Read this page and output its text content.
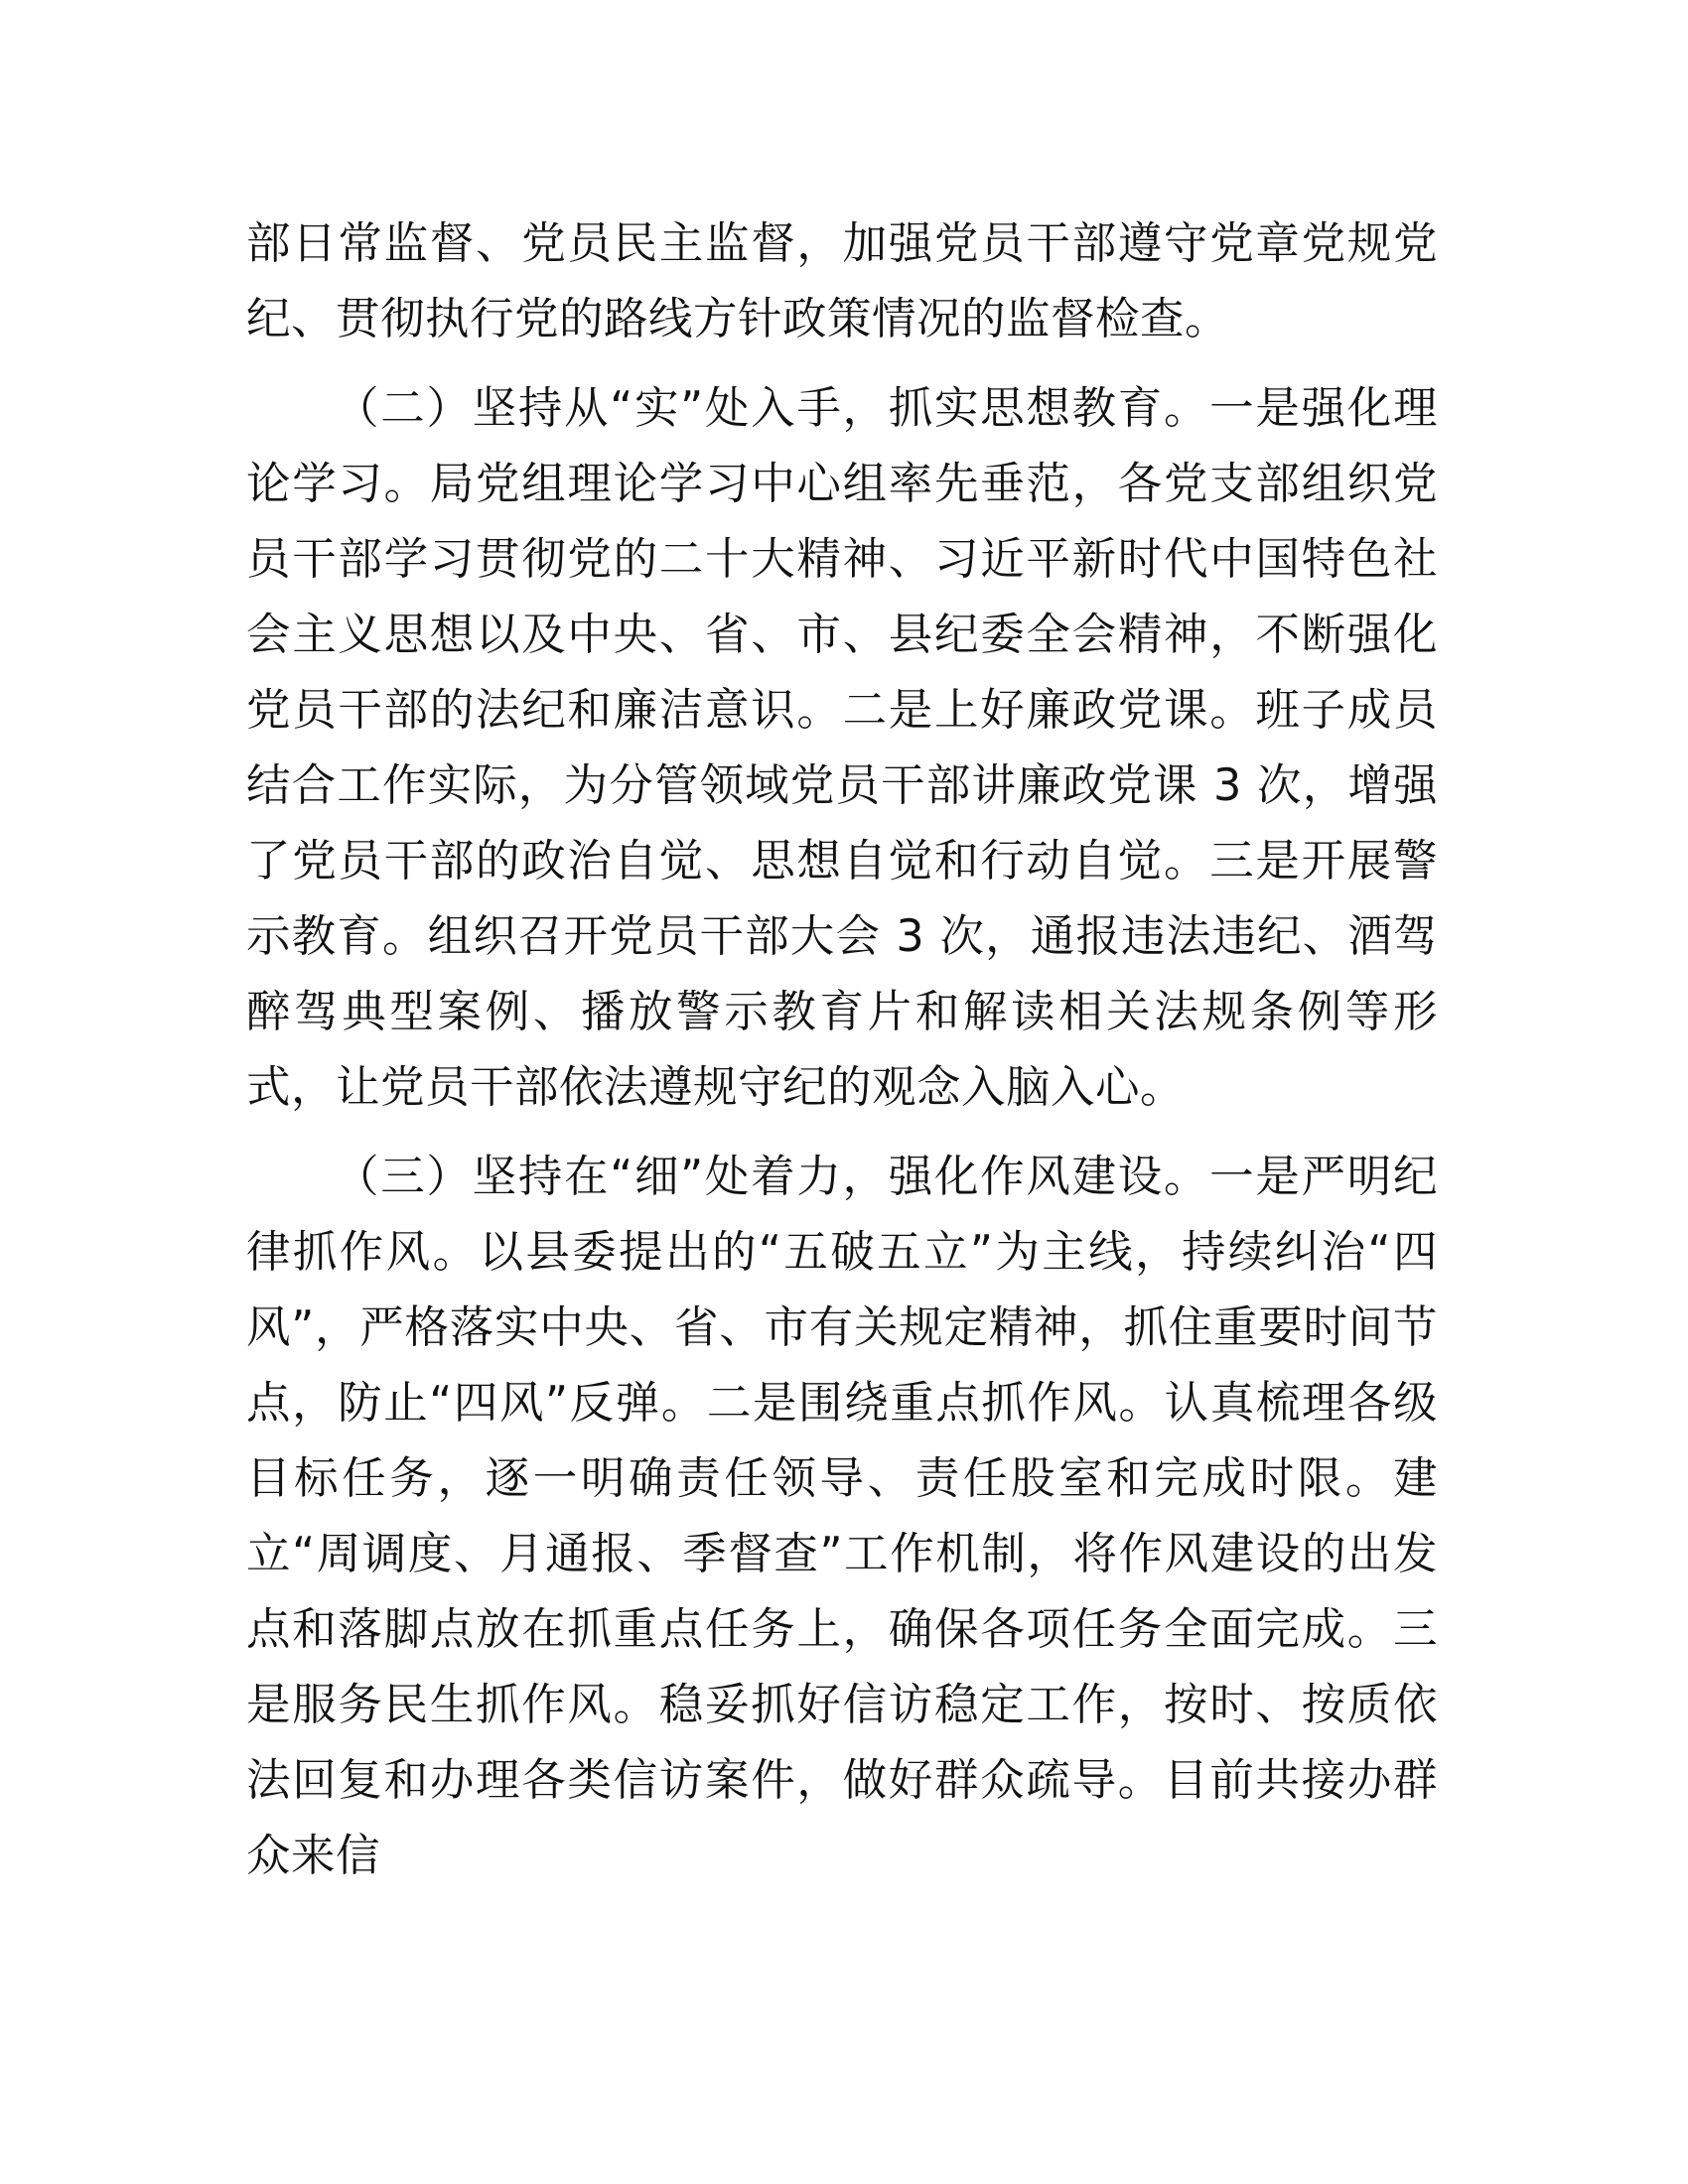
部日常监督、党员民主监督，加强党员干部遵守党章党规党纪、贯彻执行党的路线方针政策情况的监督检查。

（二）坚持从“实”处入手，抓实思想教育。一是强化理论学习。局党组理论学习中心组率先垂范，各党支部组织党员干部学习贯彻党的二十大精神、习近平新时代中国特色社会主义思想以及中央、省、市、县纪委全会精神，不断强化党员干部的法纪和廉洁意识。二是上好廉政党课。班子成员结合工作实际，为分管领域党员干部讲廉政党课 3 次，增强了党员干部的政治自觉、思想自觉和行动自觉。三是开展警示教育。组织召开党员干部大会 3 次，通报违法违纪、酒驾醉驾典型案例、播放警示教育片和解读相关法规条例等形式，让党员干部依法遵规守纪的观念入脑入心。

（三）坚持在“细”处着力，强化作风建设。一是严明纪律抓作风。以县委提出的“五破五立”为主线，持续纠治“四风”，严格落实中央、省、市有关规定精神，抓住重要时间节点，防止“四风”反弹。二是围绕重点抓作风。认真梳理各级目标任务，逐一明确责任领导、责任股室和完成时限。建立“周调度、月通报、季督查”工作机制，将作风建设的出发点和落脚点放在抓重点任务上，确保各项任务全面完成。三是服务民生抓作风。稳妥抓好信访稳定工作，按时、按质依法回复和办理各类信访案件，做好群众疏导。目前共接办群众来信
